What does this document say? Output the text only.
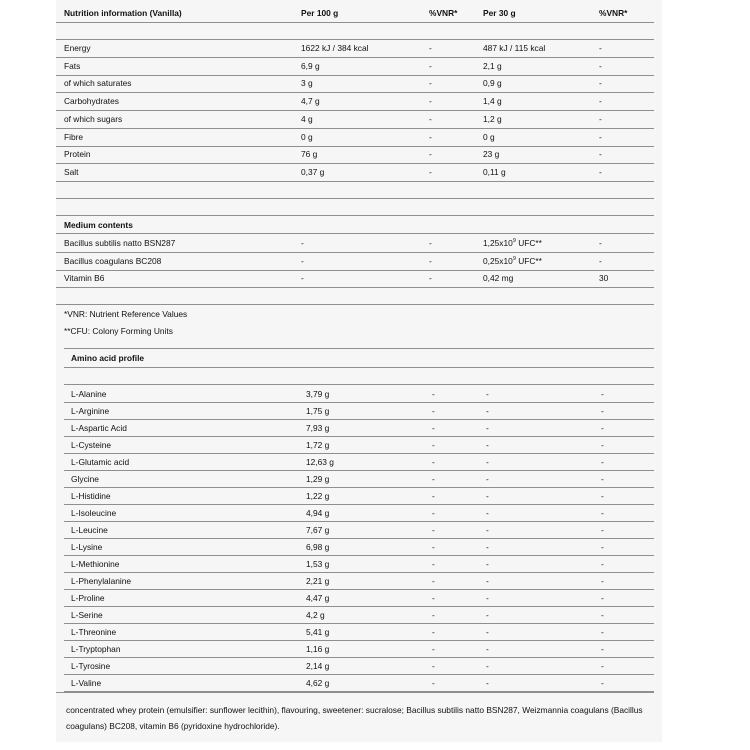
Nutrition information (Vanilla)	Per 100 g	%VNR*	Per 30 g	%VNR*
Energy	1622 kJ / 384 kcal	-	487 kJ / 115 kcal	-
Fats	6,9 g	-	2,1 g	-
of which saturates	3 g	-	0,9 g	-
Carbohydrates	4,7 g	-	1,4 g	-
of which sugars	4 g	-	1,2 g	-
Fibre	0 g	-	0 g	-
Protein	76 g	-	23 g	-
Salt	0,37 g	-	0,11 g	-
Medium contents
Bacillus subtilis natto BSN287	-	-	$1,25x10^9$ UFC**	-
Bacillus coagulans BC208	-	-	$0,25x10^9$ UFC**	-
Vitamin B6	-	-	0,42 mg	30
*VNR: Nutrient Reference Values
**CFU: Colony Forming Units
Amino acid profile
L-Alanine	3,79 g	-	-	-
L-Arginine	1,75 g	-	-	-
L-Aspartic Acid	7,93 g	-	-	-
L-Cysteine	1,72 g	-	-	-
L-Glutamic acid	12,63 g	-	-	-
Glycine	1,29 g	-	-	-
L-Histidine	1,22 g	-	-	-
L-Isoleucine	4,94 g	-	-	-
L-Leucine	7,67 g	-	-	-
L-Lysine	6,98 g	-	-	-
L-Methionine	1,53 g	-	-	-
L-Phenylalanine	2,21 g	-	-	-
L-Proline	4,47 g	-	-	-
L-Serine	4,2 g	-	-	-
L-Threonine	5,41 g	-	-	-
L-Tryptophan	1,16 g	-	-	-
L-Tyrosine	2,14 g	-	-	-
L-Valine	4,62 g	-	-	-
concentrated whey protein (emulsifier: sunflower lecithin), flavouring, sweetener: sucralose; Bacillus subtilis natto BSN287, Weizmannia coagulans (Bacillus coagulans) BC208, vitamin B6 (pyridoxine hydrochloride).
